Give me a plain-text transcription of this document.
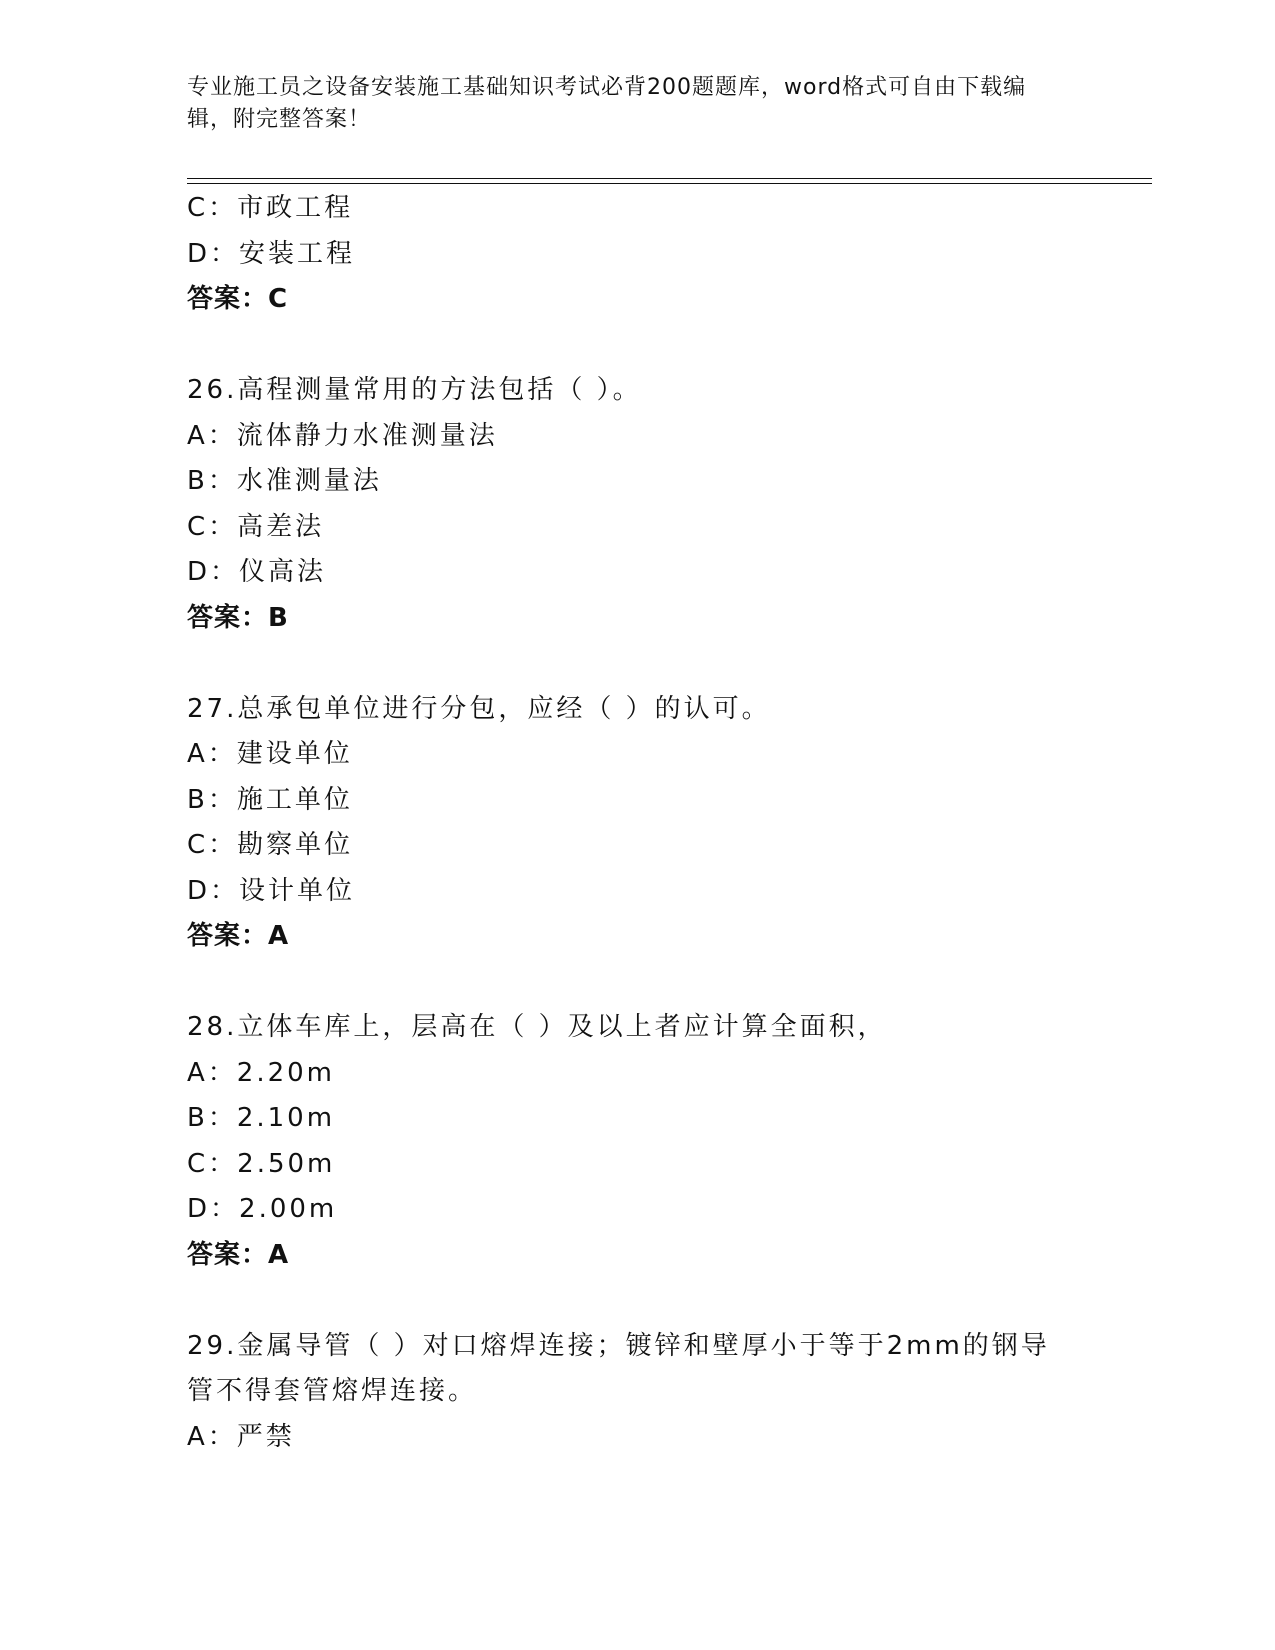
专业施工员之设备安装施工基础知识考试必背200题题库，word格式可自由下载编辑，附完整答案！
C：市政工程
D：安装工程
答案：C
26.高程测量常用的方法包括（ ）。
A：流体静力水准测量法
B：水准测量法
C：高差法
D：仪高法
答案：B
27.总承包单位进行分包，应经（ ）的认可。
A：建设单位
B：施工单位
C：勘察单位
D：设计单位
答案：A
28.立体车库上，层高在（ ）及以上者应计算全面积，
A：2.20m
B：2.10m
C：2.50m
D：2.00m
答案：A
29.金属导管（ ）对口熔焊连接；镀锌和壁厚小于等于2mm的钢导管不得套管熔焊连接。
A：严禁
